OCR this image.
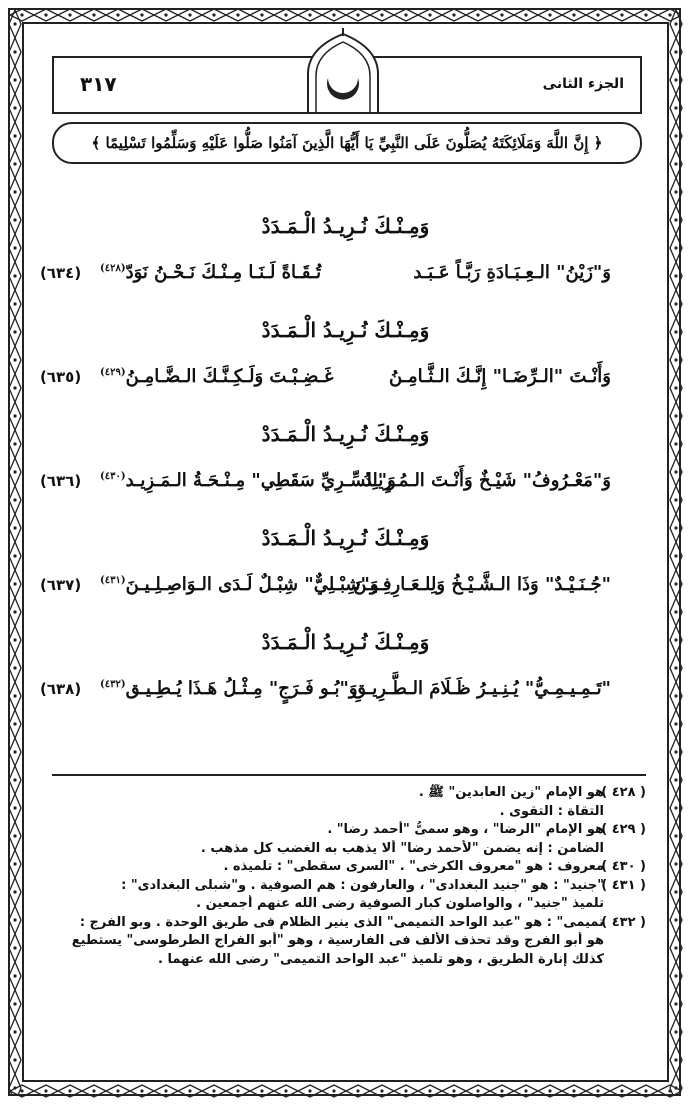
٣١٧	الجزء الثانى
﴿ إِنَّ اللَّهَ وَمَلَائِكَتَهُ يُصَلُّونَ عَلَى النَّبِيِّ يَا أَيُّهَا الَّذِينَ آمَنُوا صَلُّوا عَلَيْهِ وَسَلِّمُوا تَسْلِيمًا ﴾
وَمِـنْـكَ نُـرِيـدُ الْـمَـدَدْ
(٦٣٤)	وَ"زَيْنُ" الـعِـبَـادَةِ رَبَّـاً عَـبَـد
تُـقَـاةً لَـنَـا مِـنْـكَ نَـحْـنُ نَوَدّ$^{(٤٢٨)}$
وَمِـنْـكَ نُـرِيـدُ الْـمَـدَدْ
(٦٣٥)	وَأَنْـتَ "الـرِّضَـا" إِنَّـكَ الـثَّـامِـنُ
غَـضِـبْـتَ وَلَـكِـنَّـكَ الـضَّـامِـنُ$^{(٤٢٩)}$
وَمِـنْـكَ نُـرِيـدُ الْـمَـدَدْ
(٦٣٦)	وَ"مَعْـرُوفُ" شَيْـخٌ وَأَنْـتَ الـمُـرِيـدُ
وَ"لِلسِّـرِيِّ سَقَطِي" مِـنْـحَـةُ الـمَـزِيـد$^{(٤٣٠)}$
وَمِـنْـكَ نُـرِيـدُ الْـمَـدَدْ
(٦٣٧)	"جُـنَـيْـدٌ" وَذَا الـشَّـيْـخُ وَلِلـعَـارِفِـيـنَ
وَ"شِبْـلِيٌّ" شِبْـلٌ لَـدَى الـوَاصِـلِـيـنَ$^{(٤٣١)}$
وَمِـنْـكَ نُـرِيـدُ الْـمَـدَدْ
(٦٣٨)	"تَـمِـيـمِـيُّ" يُـنِـيـرُ ظَـلَامَ الـطَّـرِيـقِ
وَ"بُـو فَـرَجٍ" مِـثْـلُ هَـذَا يُـطِـيـق$^{(٤٣٢)}$
( ٤٢٨ )
هو الإمام "زين العابدين" ﷺ .
التقاة : التقوى .
( ٤٢٩ )
هو الإمام "الرضا" ، وهو سمىُّ "أحمد رضا" .
الضامن : إنه يضمن "لأحمد رضا" ألا يذهب به الغضب كل مذهب .
( ٤٣٠ )
معروف : هو "معروف الكرخى" . "السرى سقطى" : تلميذه .
( ٤٣١ )
"جنيد" : هو "جنيد البغدادى" ، والعارفون : هم الصوفية . و"شبلى البغدادى" :
تلميذ "جنيد" ، والواصلون كبار الصوفية رضى الله عنهم أجمعين .
( ٤٣٢ )
تميمى" : هو "عبد الواحد التميمى" الذى ينير الظلام فى طريق الوحدة . وبو الفرج :
هو أبو الفرج وقد تحذف الألف فى الفارسية ، وهو "أبو الفراج الطرطوسى" يستطيع
كذلك إنارة الطريق ، وهو تلميذ "عبد الواحد التميمى" رضى الله عنهما .
